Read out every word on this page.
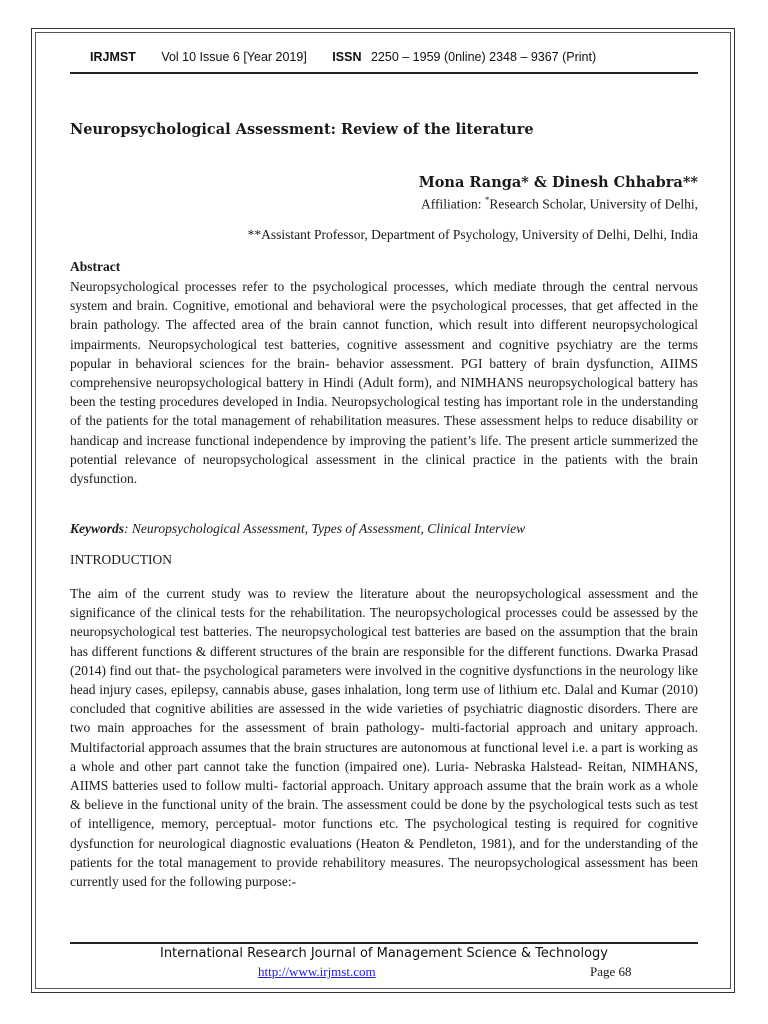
IRJMST Vol 10 Issue 6 [Year 2019] ISSN 2250 – 1959 (0nline) 2348 – 9367 (Print)
Neuropsychological Assessment: Review of the literature
Mona Ranga* & Dinesh Chhabra**
Affiliation: *Research Scholar, University of Delhi,
**Assistant Professor, Department of Psychology, University of Delhi, Delhi, India
Abstract

Neuropsychological processes refer to the psychological processes, which mediate through the central nervous system and brain. Cognitive, emotional and behavioral were the psychological processes, that get affected in the brain pathology. The affected area of the brain cannot function, which result into different neuropsychological impairments. Neuropsychological test batteries, cognitive assessment and cognitive psychiatry are the terms popular in behavioral sciences for the brain- behavior assessment. PGI battery of brain dysfunction, AIIMS comprehensive neuropsychological battery in Hindi (Adult form), and NIMHANS neuropsychological battery has been the testing procedures developed in India. Neuropsychological testing has important role in the understanding of the patients for the total management of rehabilitation measures. These assessment helps to reduce disability or handicap and increase functional independence by improving the patient’s life. The present article summerized the potential relevance of neuropsychological assessment in the clinical practice in the patients with the brain dysfunction.

Keywords: Neuropsychological Assessment, Types of Assessment, Clinical Interview
INTRODUCTION

The aim of the current study was to review the literature about the neuropsychological assessment and the significance of the clinical tests for the rehabilitation. The neuropsychological processes could be assessed by the neuropsychological test batteries. The neuropsychological test batteries are based on the assumption that the brain has different functions & different structures of the brain are responsible for the different functions. Dwarka Prasad (2014) find out that- the psychological parameters were involved in the cognitive dysfunctions in the neurology like head injury cases, epilepsy, cannabis abuse, gases inhalation, long term use of lithium etc. Dalal and Kumar (2010) concluded that cognitive abilities are assessed in the wide varieties of psychiatric diagnostic disorders. There are two main approaches for the assessment of brain pathology- multi-factorial approach and unitary approach. Multifactorial approach assumes that the brain structures are autonomous at functional level i.e. a part is working as a whole and other part cannot take the function (impaired one). Luria- Nebraska Halstead- Reitan, NIMHANS, AIIMS batteries used to follow multi- factorial approach. Unitary approach assume that the brain work as a whole & believe in the functional unity of the brain. The assessment could be done by the psychological tests such as test of intelligence, memory, perceptual- motor functions etc. The psychological testing is required for cognitive dysfunction for neurological diagnostic evaluations (Heaton & Pendleton, 1981), and for the understanding of the patients for the total management to provide rehabilitory measures. The neuropsychological assessment has been currently used for the following purpose:-

International Research Journal of Management Science & Technology
http://www.irjmst.com	Page 68
